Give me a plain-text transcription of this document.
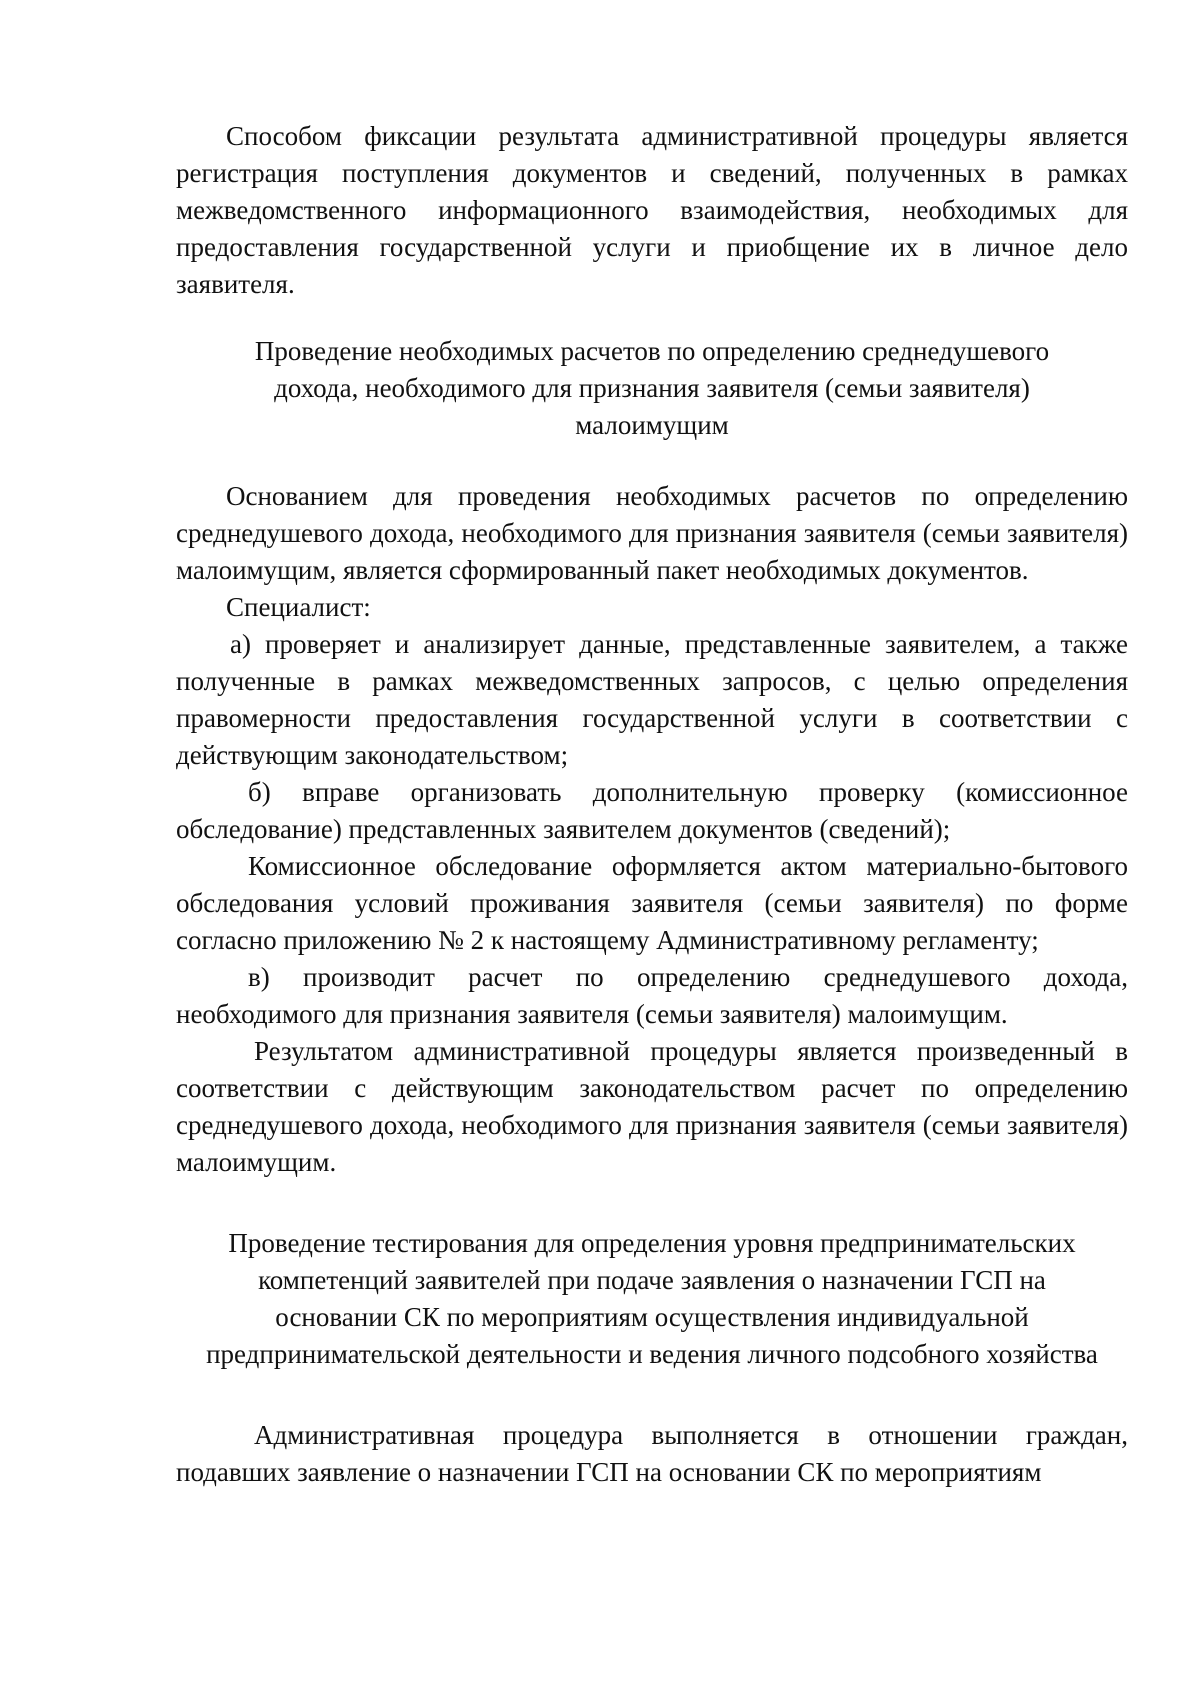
Способом фиксации результата административной процедуры является регистрация поступления документов и сведений, полученных в рамках межведомственного информационного взаимодействия, необходимых для предоставления государственной услуги и приобщение их в личное дело заявителя.

Проведение необходимых расчетов по определению среднедушевого
дохода, необходимого для признания заявителя (семьи заявителя)
малоимущим

Основанием для проведения необходимых расчетов по определению среднедушевого дохода, необходимого для признания заявителя (семьи заявителя) малоимущим, является сформированный пакет необходимых документов.

Специалист:

а) проверяет и анализирует данные, представленные заявителем, а также полученные в рамках межведомственных запросов, с целью определения правомерности предоставления государственной услуги в соответствии с действующим законодательством;

б) вправе организовать дополнительную проверку (комиссионное обследование) представленных заявителем документов (сведений);

Комиссионное обследование оформляется актом материально-бытового обследования условий проживания заявителя (семьи заявителя) по форме согласно приложению № 2 к настоящему Административному регламенту;

в) производит расчет по определению среднедушевого дохода, необходимого для признания заявителя (семьи заявителя) малоимущим.

Результатом административной процедуры является произведенный в соответствии с действующим законодательством расчет по определению среднедушевого дохода, необходимого для признания заявителя (семьи заявителя) малоимущим.

Проведение тестирования для определения уровня предпринимательских
компетенций заявителей при подаче заявления о назначении ГСП на
основании СК по мероприятиям осуществления индивидуальной
предпринимательской деятельности и ведения личного подсобного хозяйства

Административная процедура выполняется в отношении граждан, подавших заявление о назначении ГСП на основании СК по мероприятиям
